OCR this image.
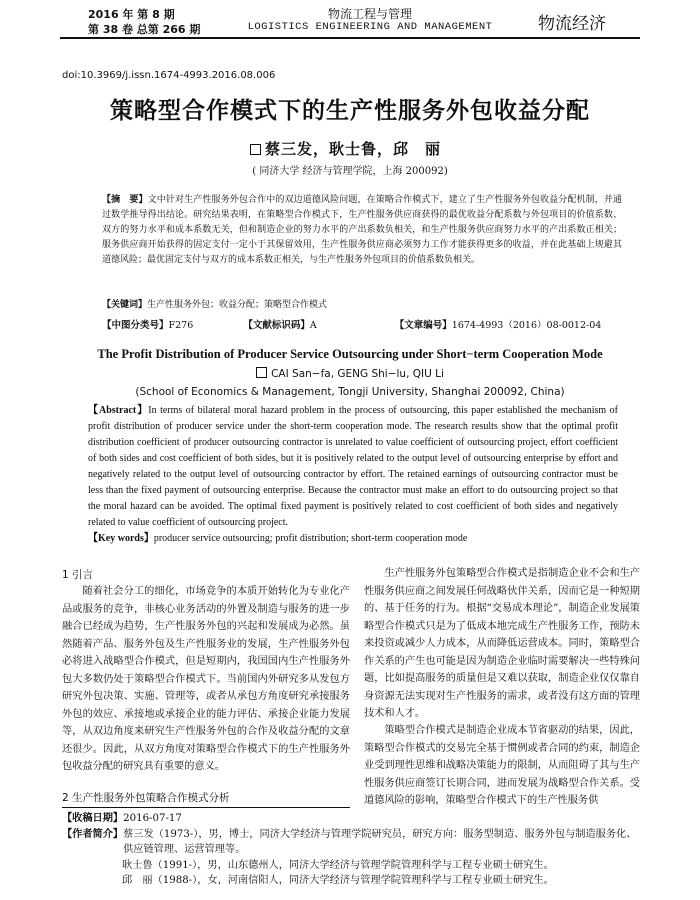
2016 年 第 8 期
第 38 卷 总第 266 期
物流工程与管理
LOGISTICS ENGINEERING AND MANAGEMENT	物流经济
doi:10.3969/j.issn.1674-4993.2016.08.006
策略型合作模式下的生产性服务外包收益分配
蔡三发，耿士鲁，邱　丽
( 同济大学 经济与管理学院，上海 200092)
【摘　要】文中针对生产性服务外包合作中的双边道德风险问题，在策略合作模式下，建立了生产性服务外包收益分配机制，并通过数学推导得出结论。研究结果表明，在策略型合作模式下，生产性服务供应商获得的最优收益分配系数与外包项目的价值系数、双方的努力水平和成本系数无关，但和制造企业的努力水平的产出系数负相关，和生产性服务供应商努力水平的产出系数正相关；服务供应商开始获得的固定支付一定小于其保留效用，生产性服务供应商必须努力工作才能获得更多的收益，并在此基础上规避其道德风险；最优固定支付与双方的成本系数正相关，与生产性服务外包项目的价值系数负相关。
【关键词】生产性服务外包；收益分配；策略型合作模式
【中图分类号】F276	【文献标识码】A	【文章编号】1674-4993（2016）08-0012-04
The Profit Distribution of Producer Service Outsourcing under Short−term Cooperation Mode
CAI San−fa, GENG Shi−lu, QIU Li
(School of Economics & Management, Tongji University, Shanghai 200092, China)
【Abstract】In terms of bilateral moral hazard problem in the process of outsourcing, this paper established the mechanism of profit distribution of producer service under the short-term cooperation mode. The research results show that the optimal profit distribution coefficient of producer outsourcing contractor is unrelated to value coefficient of outsourcing project, effort coefficient of both sides and cost coefficient of both sides, but it is positively related to the output level of outsourcing enterprise by effort and negatively related to the output level of outsourcing contractor by effort. The retained earnings of outsourcing contractor must be less than the fixed payment of outsourcing enterprise. Because the contractor must make an effort to do outsourcing project so that the moral hazard can be avoided. The optimal fixed payment is positively related to cost coefficient of both sides and negatively related to value coefficient of outsourcing project.
【Key words】producer service outsourcing; profit distribution; short-term cooperation mode
1 引言
随着社会分工的细化，市场竞争的本质开始转化为专业化产品或服务的竞争，非核心业务活动的外置及制造与服务的进一步融合已经成为趋势，生产性服务外包的兴起和发展成为必然。虽然随着产品、服务外包及生产性服务业的发展，生产性服务外包必将进入战略型合作模式，但是短期内，我国国内生产性服务外包大多数仍处于策略型合作模式下。当前国内外研究多从发包方研究外包决策、实施、管理等，或者从承包方角度研究承接服务外包的效应、承接地或承接企业的能力评估、承接企业能力发展等，从双边角度来研究生产性服务外包的合作及收益分配的文章还很少。因此，从双方角度对策略型合作模式下的生产性服务外包收益分配的研究具有重要的意义。
2 生产性服务外包策略合作模式分析
生产性服务外包策略型合作模式是指制造企业不会和生产性服务供应商之间发展任何战略伙伴关系，因而它是一种短期的、基于任务的行为。根据“交易成本理论”，制造企业发展策略型合作模式只是为了低成本地完成生产性服务工作，预防未来投资或减少人力成本，从而降低运营成本。同时，策略型合作关系的产生也可能是因为制造企业临时需要解决一些特殊问题，比如提高服务的质量但是又难以获取，制造企业仅仅靠自身资源无法实现对生产性服务的需求，或者没有这方面的管理技术和人才。
策略型合作模式是制造企业成本节省驱动的结果，因此，策略型合作模式的交易完全基于惯例或者合同的约束，制造企业受到理性思维和战略决策能力的限制，从而阻碍了其与生产性服务供应商签订长期合同，进而发展为战略型合作关系。受道德风险的影响，策略型合作模式下的生产性服务供
【收稿日期】2016-07-17
【作者简介】 蔡三发（1973-），男，博士，同济大学经济与管理学院研究员，研究方向：服务型制造、服务外包与制造服务化、供应链管理、运营管理等。
耿士鲁（1991-），男，山东德州人，同济大学经济与管理学院管理科学与工程专业硕士研究生。
邱　丽（1988-），女，河南信阳人，同济大学经济与管理学院管理科学与工程专业硕士研究生。
